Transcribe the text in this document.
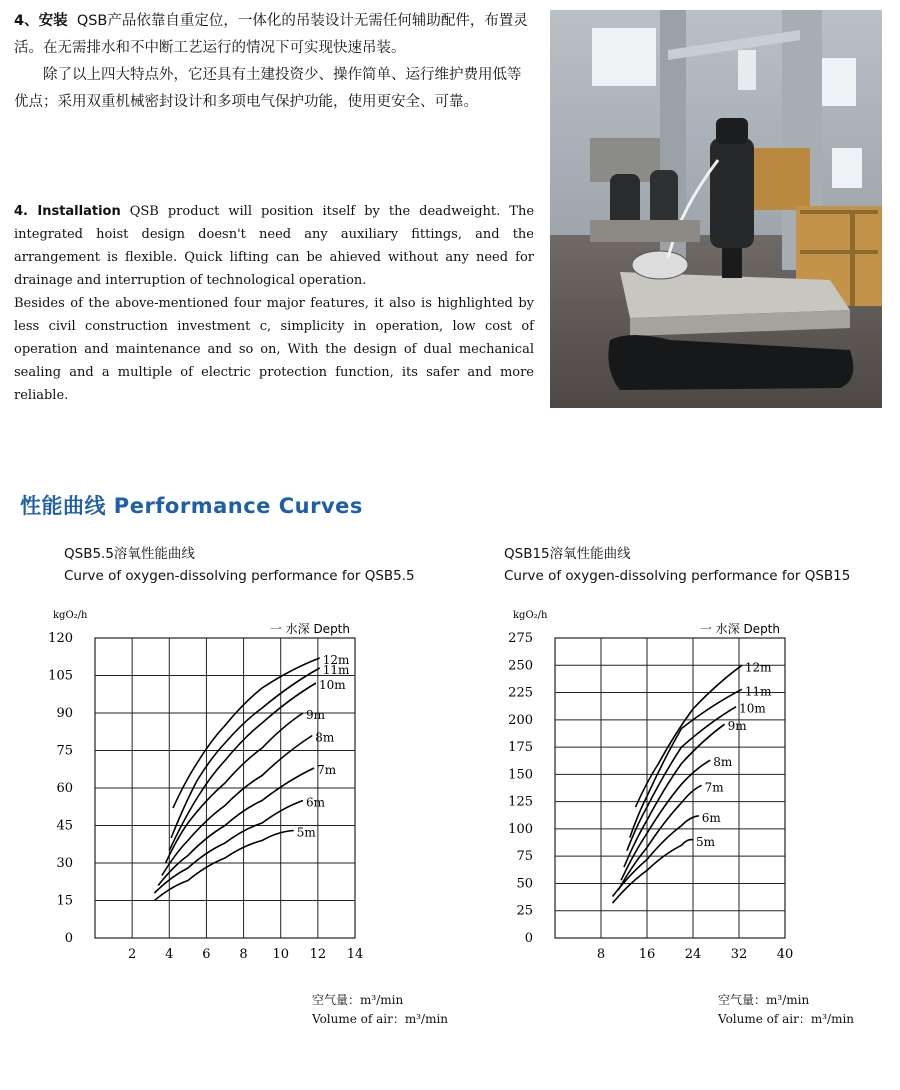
4、安装 QSB产品依靠自重定位，一体化的吊装设计无需任何辅助配件，布置灵活。在无需排水和不中断工艺运行的情况下可实现快速吊装。

除了以上四大特点外，它还具有土建投资少、操作简单、运行维护费用低等优点；采用双重机械密封设计和多项电气保护功能，使用更安全、可靠。

4. Installation QSB product will position itself by the deadweight. The integrated hoist design doesn't need any auxiliary fittings, and the arrangement is flexible. Quick lifting can be ahieved without any need for drainage and interruption of technological operation.

Besides of the above-mentioned four major features, it also is highlighted by less civil construction investment c, simplicity in operation, low cost of operation and maintenance and so on, With the design of dual mechanical sealing and a multiple of electric protection function, its safer and more reliable.

性能曲线 Performance Curves
QSB5.5溶氧性能曲线
Curve of oxygen-dissolving performance for QSB5.5
0
15
30
45
60
75
90
105
120
2 4 6 8 10 12 14
kgO₂/h
一 水深 Depth
5m
6m
7m
8m
9m
10m
11m
12m
空气量：m³/min
Volume of air：m³/min
QSB15溶氧性能曲线
Curve of oxygen-dissolving performance for QSB15
0
25
50
75
100
125
150
175
200
225
250
275
8	16 24 32 40
kgO₂/h
一 水深 Depth
5m
6m
7m
8m
9m
10m
11m
12m
空气量：m³/min
Volume of air：m³/min
